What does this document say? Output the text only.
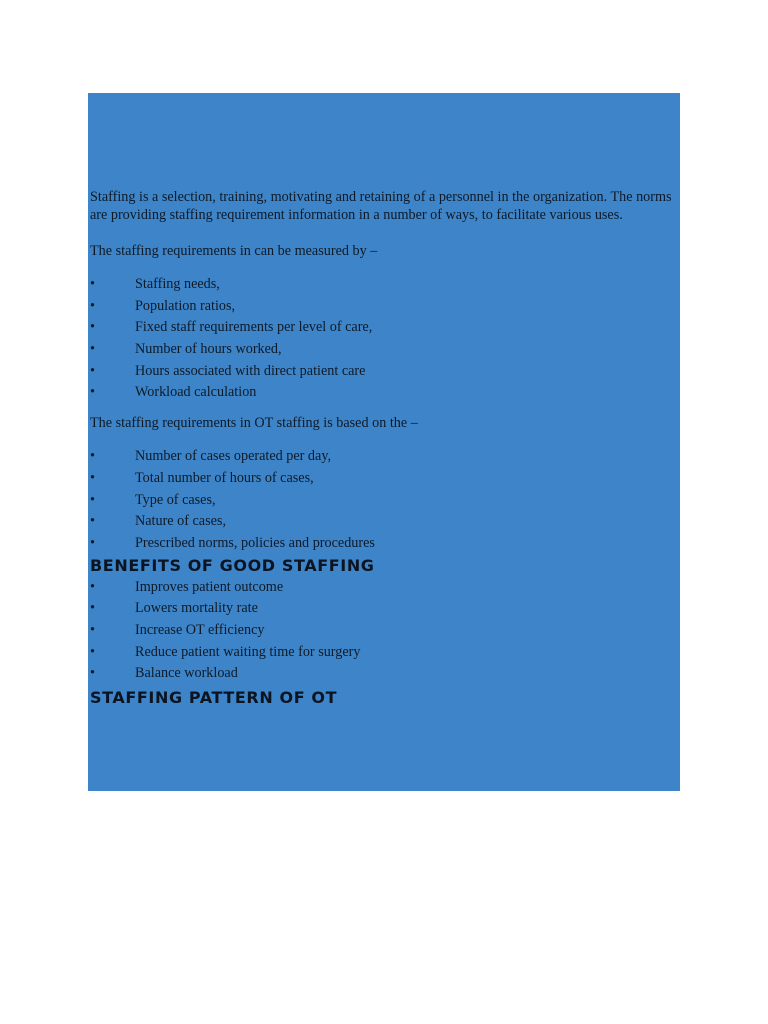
Staffing is a selection, training, motivating and retaining of a personnel in the organization. The norms are providing staffing requirement information in a number of ways, to facilitate various uses.

The staffing requirements in can be measured by –

•	Staffing needs,
•	Population ratios,
•	Fixed staff requirements per level of care,
•	Number of hours worked,
•	Hours associated with direct patient care
•	Workload calculation

The staffing requirements in OT staffing is based on the –

•	Number of cases operated per day,
•	Total number of hours of cases,
•	Type of cases,
•	Nature of cases,
•	Prescribed norms, policies and procedures
BENEFITS OF GOOD STAFFING
•	Improves patient outcome
•	Lowers mortality rate
•	Increase OT efficiency
•	Reduce patient waiting time for surgery
•	Balance workload
STAFFING PATTERN OF OT
